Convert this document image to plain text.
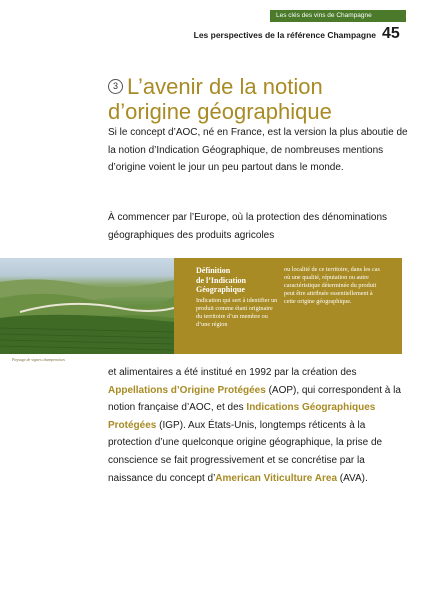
Les clés des vins de Champagne
Les perspectives de la référence Champagne 45
3 L’avenir de la notion
d’origine géographique

Si le concept d’AOC, né en France, est la version la plus aboutie de la notion d’Indication Géographique, de nombreuses mentions d’origine voient le jour un peu partout dans le monde.

À commencer par l’Europe, où la protection des dénominations géographiques des produits agricoles

Paysage de vignes champenoises
Définition
de l’Indication
Géographique
Indication qui sert à identifier un produit comme étant originaire du territoire d’un membre ou d’une région
ou localité de ce territoire, dans les cas où une qualité, réputation ou autre caractéristique déterminée du produit peut être attribuée essentiellement à cette origine géographique.

et alimentaires a été institué en 1992 par la création des Appellations d’Origine Protégées (AOP), qui correspondent à la notion française d’AOC, et des Indications Géographiques Protégées (IGP). Aux États-Unis, longtemps réticents à la protection d’une quelconque origine géographique, la prise de conscience se fait progressivement et se concrétise par la naissance du concept d’American Viticulture Area (AVA).
